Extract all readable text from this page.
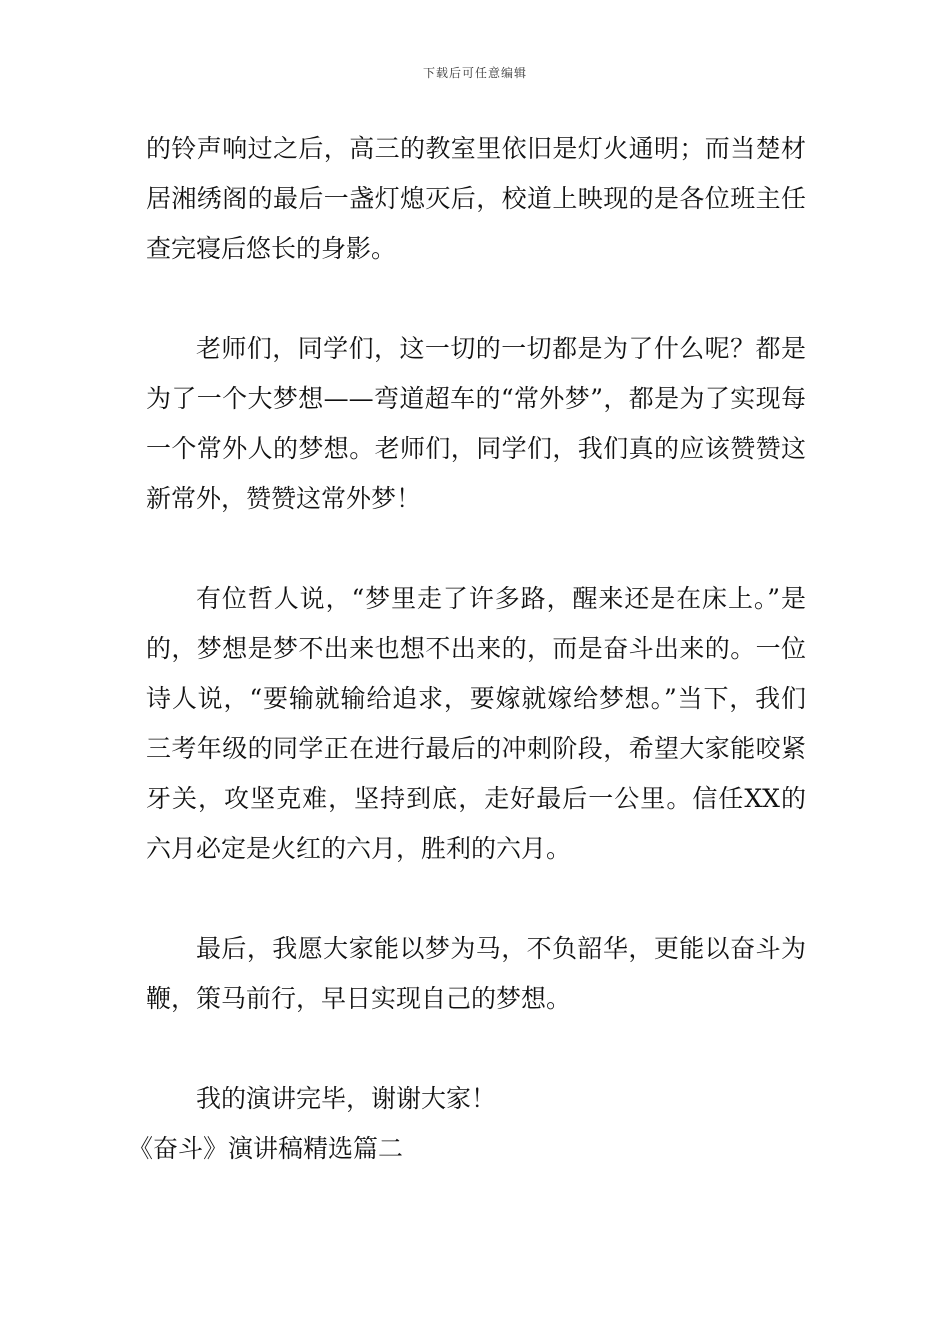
下载后可任意编辑

的铃声响过之后，高三的教室里依旧是灯火通明；而当楚材居湘绣阁的最后一盏灯熄灭后，校道上映现的是各位班主任查完寝后悠长的身影。

老师们，同学们，这一切的一切都是为了什么呢？都是为了一个大梦想——弯道超车的“常外梦”，都是为了实现每一个常外人的梦想。老师们，同学们，我们真的应该赞赞这新常外，赞赞这常外梦！

有位哲人说，“梦里走了许多路，醒来还是在床上。”是的，梦想是梦不出来也想不出来的，而是奋斗出来的。一位诗人说，“要输就输给追求，要嫁就嫁给梦想。”当下，我们三考年级的同学正在进行最后的冲刺阶段，希望大家能咬紧牙关，攻坚克难，坚持到底，走好最后一公里。信任XX的六月必定是火红的六月，胜利的六月。

最后，我愿大家能以梦为马，不负韶华，更能以奋斗为鞭，策马前行，早日实现自己的梦想。

我的演讲完毕，谢谢大家！

《奋斗》演讲稿精选篇二
